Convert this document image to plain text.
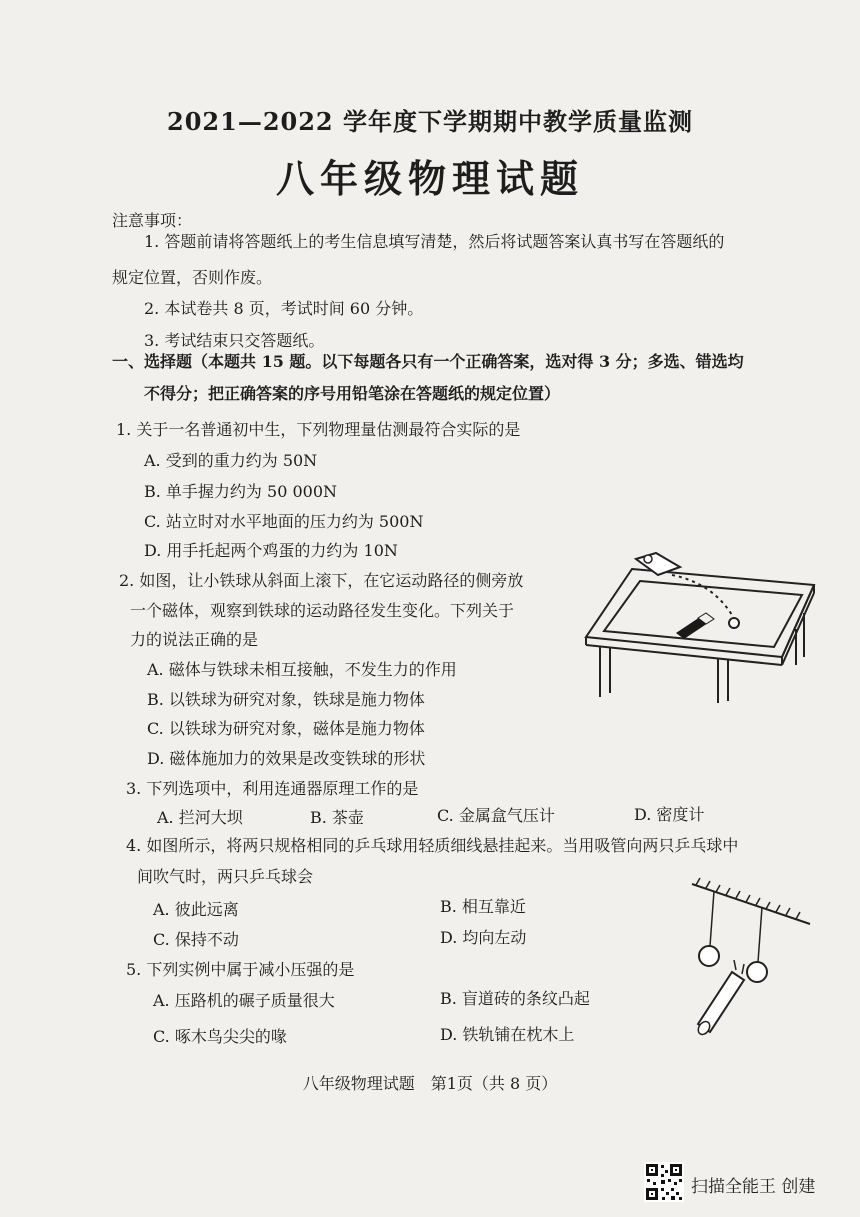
2021—2022 学年度下学期期中教学质量监测
八年级物理试题
注意事项：
1. 答题前请将答题纸上的考生信息填写清楚，然后将试题答案认真书写在答题纸的
规定位置，否则作废。
2. 本试卷共 8 页，考试时间 60 分钟。
3. 考试结束只交答题纸。
一、选择题（本题共 15 题。以下每题各只有一个正确答案，选对得 3 分；多选、错选均
不得分；把正确答案的序号用铅笔涂在答题纸的规定位置）
1. 关于一名普通初中生，下列物理量估测最符合实际的是
A. 受到的重力约为 50N
B. 单手握力约为 50 000N
C. 站立时对水平地面的压力约为 500N
D. 用手托起两个鸡蛋的力约为 10N
2. 如图，让小铁球从斜面上滚下，在它运动路径的侧旁放
一个磁体，观察到铁球的运动路径发生变化。下列关于
力的说法正确的是
A. 磁体与铁球未相互接触，不发生力的作用
B. 以铁球为研究对象，铁球是施力物体
C. 以铁球为研究对象，磁体是施力物体
D. 磁体施加力的效果是改变铁球的形状
3. 下列选项中，利用连通器原理工作的是
A. 拦河大坝	B. 茶壶	C. 金属盒气压计	D. 密度计
4. 如图所示，将两只规格相同的乒乓球用轻质细线悬挂起来。当用吸管向两只乒乓球中
间吹气时，两只乒乓球会
A. 彼此远离	B. 相互靠近
C. 保持不动	D. 均向左动
5. 下列实例中属于减小压强的是
A. 压路机的碾子质量很大	B. 盲道砖的条纹凸起
C. 啄木鸟尖尖的喙	D. 铁轨铺在枕木上
八年级物理试题　第1页（共 8 页）
扫描全能王 创建
